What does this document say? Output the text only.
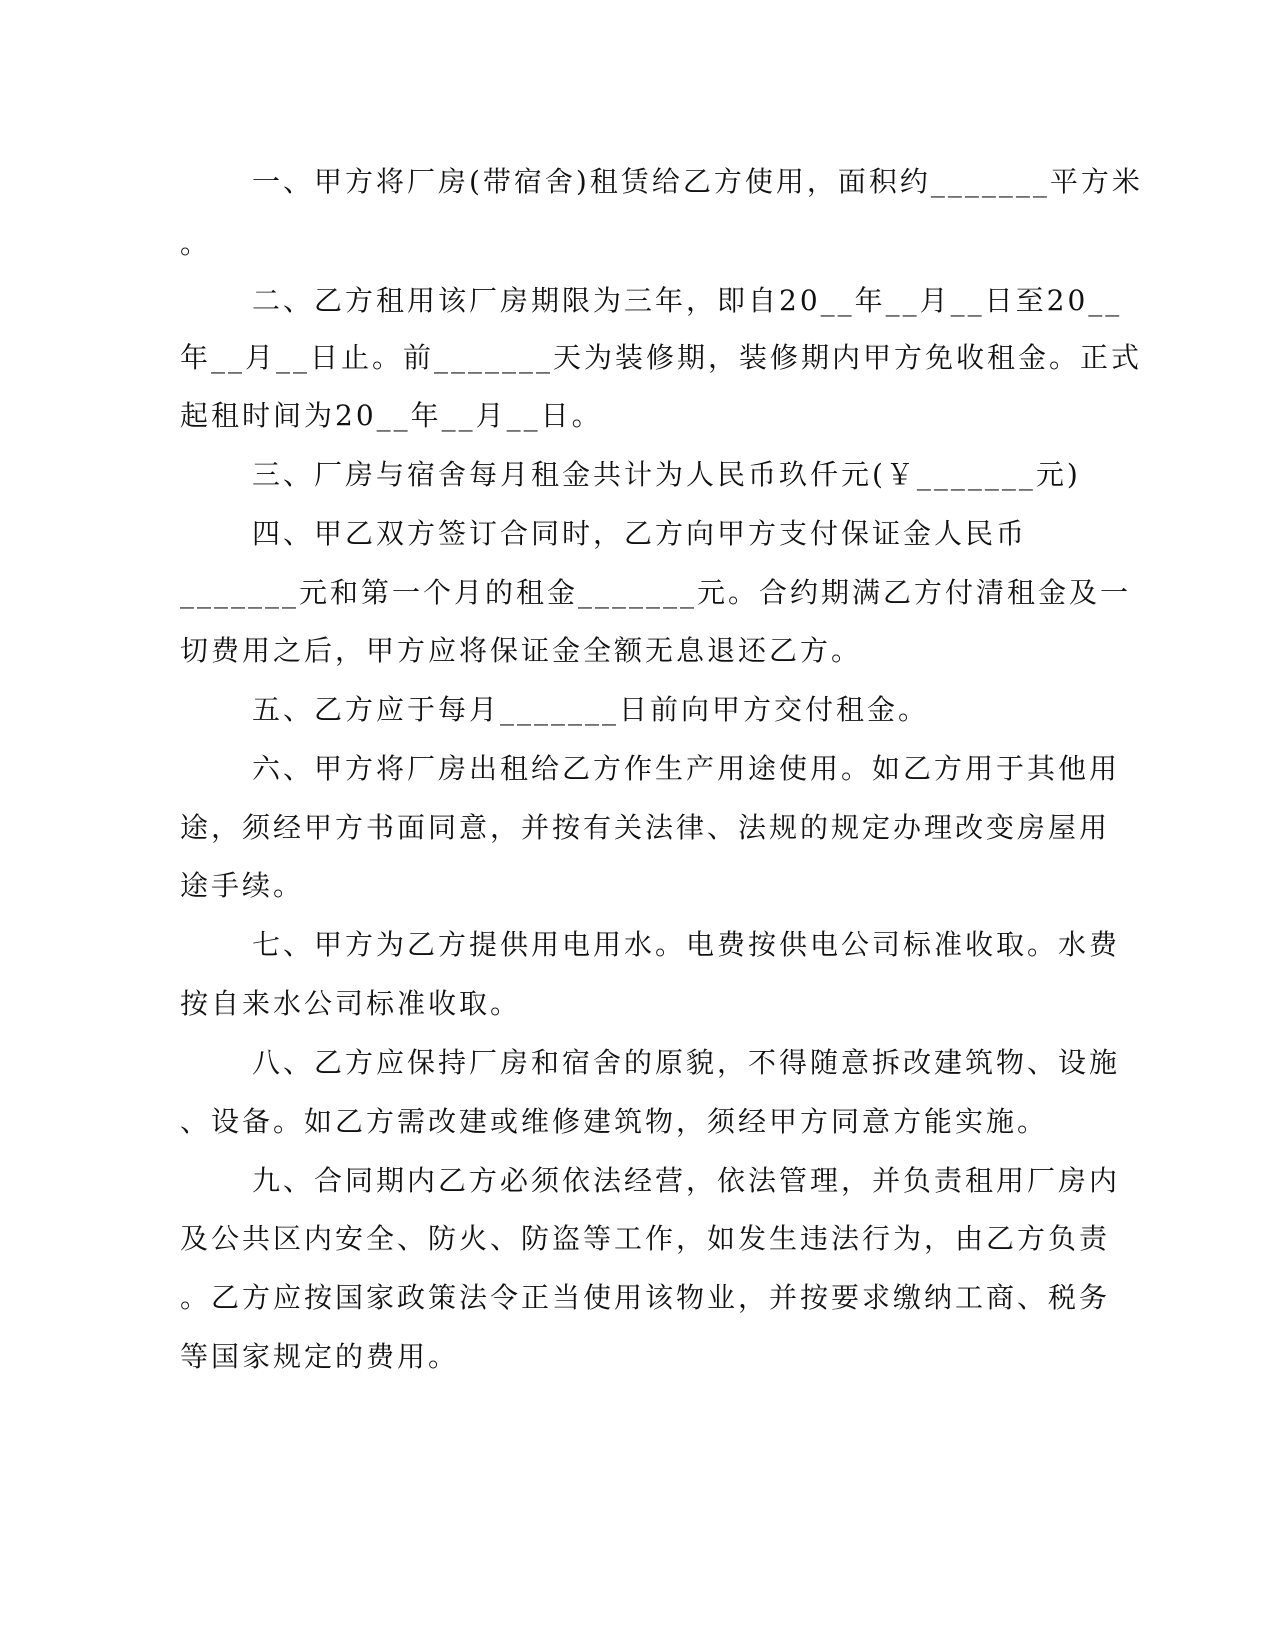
一、甲方将厂房(带宿舍)租赁给乙方使用，面积约_______平方米
。
二、乙方租用该厂房期限为三年，即自20__年__月__日至20__
年__月__日止。前_______天为装修期，装修期内甲方免收租金。正式
起租时间为20__年__月__日。
三、厂房与宿舍每月租金共计为人民币玖仟元(￥_______元)
四、甲乙双方签订合同时，乙方向甲方支付保证金人民币
_______元和第一个月的租金_______元。合约期满乙方付清租金及一
切费用之后，甲方应将保证金全额无息退还乙方。
五、乙方应于每月_______日前向甲方交付租金。
六、甲方将厂房出租给乙方作生产用途使用。如乙方用于其他用
途，须经甲方书面同意，并按有关法律、法规的规定办理改变房屋用
途手续。
七、甲方为乙方提供用电用水。电费按供电公司标准收取。水费
按自来水公司标准收取。
八、乙方应保持厂房和宿舍的原貌，不得随意拆改建筑物、设施
、设备。如乙方需改建或维修建筑物，须经甲方同意方能实施。
九、合同期内乙方必须依法经营，依法管理，并负责租用厂房内
及公共区内安全、防火、防盗等工作，如发生违法行为，由乙方负责
。乙方应按国家政策法令正当使用该物业，并按要求缴纳工商、税务
等国家规定的费用。
